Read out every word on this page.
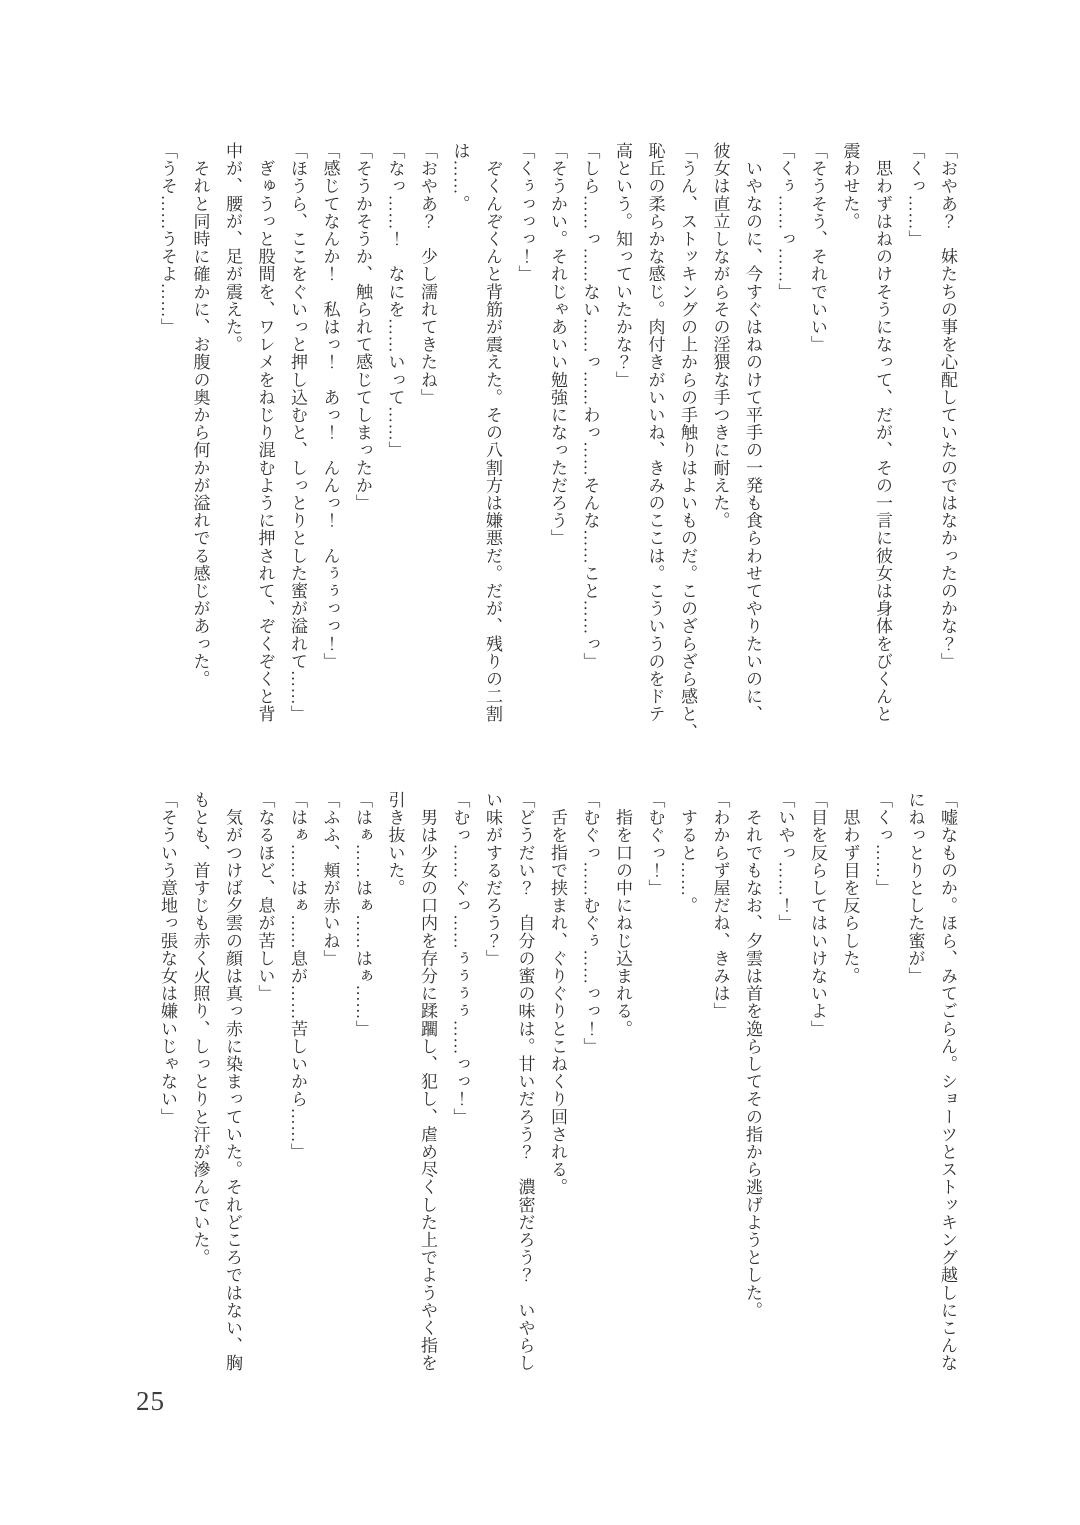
「おやあ？　妹たちの事を心配していたのではなかったのかな？」
「くっ……」
　思わずはねのけそうになって、だが、その一言に彼女は身体をびくんと
震わせた。
「そうそう、それでいい」
「くぅ……っ……」
　いやなのに、今すぐはねのけて平手の一発も食らわせてやりたいのに、
彼女は直立しながらその淫猥な手つきに耐えた。
「うん、ストッキングの上からの手触りはよいものだ。このざらざら感と、
恥丘の柔らかな感じ。肉付きがいいね、きみのここは。こういうのをドテ
高という。知っていたかな？」
「しら……っ……ない……っ……わっ……そんな……こと……っ」
「そうかい。それじゃあいい勉強になっただろう」
「くぅっっっ！」
　ぞくんぞくんと背筋が震えた。その八割方は嫌悪だ。だが、残りの二割
は……。
「おやあ？　少し濡れてきたね」
「なっ……！　なにを……いって……」
「そうかそうか、触られて感じてしまったか」
「感じてなんか！　私はっ！　あっ！　んんっ！　んぅぅっっ！」
「ほうら、ここをぐいっと押し込むと、しっとりとした蜜が溢れて……」
　ぎゅうっと股間を、ワレメをねじり混むように押されて、ぞくぞくと背
中が、腰が、足が震えた。
　それと同時に確かに、お腹の奥から何かが溢れでる感じがあった。
「うそ……うそよ……」
「嘘なものか。ほら、みてごらん。ショーツとストッキング越しにこんな
にねっとりとした蜜が」
「くっ……」
　思わず目を反らした。
「目を反らしてはいけないよ」
「いやっ……！」
　それでもなお、夕雲は首を逸らしてその指から逃げようとした。
「わからず屋だね、きみは」
　すると……。
「むぐっ！」
　指を口の中にねじ込まれる。
「むぐっ……むぐぅ……っっ！」
　舌を指で挟まれ、ぐりぐりとこねくり回される。
「どうだい？　自分の蜜の味は。甘いだろう？　濃密だろう？　いやらし
い味がするだろう？」
「むっ……ぐっ……ぅぅぅぅ……っっ！」
　男は少女の口内を存分に蹂躙し、犯し、虐め尽くした上でようやく指を
引き抜いた。
「はぁ……はぁ……はぁ……」
「ふふ、頬が赤いね」
「はぁ……はぁ……息が……苦しいから……」
「なるほど、息が苦しい」
　気がつけば夕雲の顔は真っ赤に染まっていた。それどころではない、胸
もとも、首すじも赤く火照り、しっとりと汗が滲んでいた。
「そういう意地っ張な女は嫌いじゃない」
25
